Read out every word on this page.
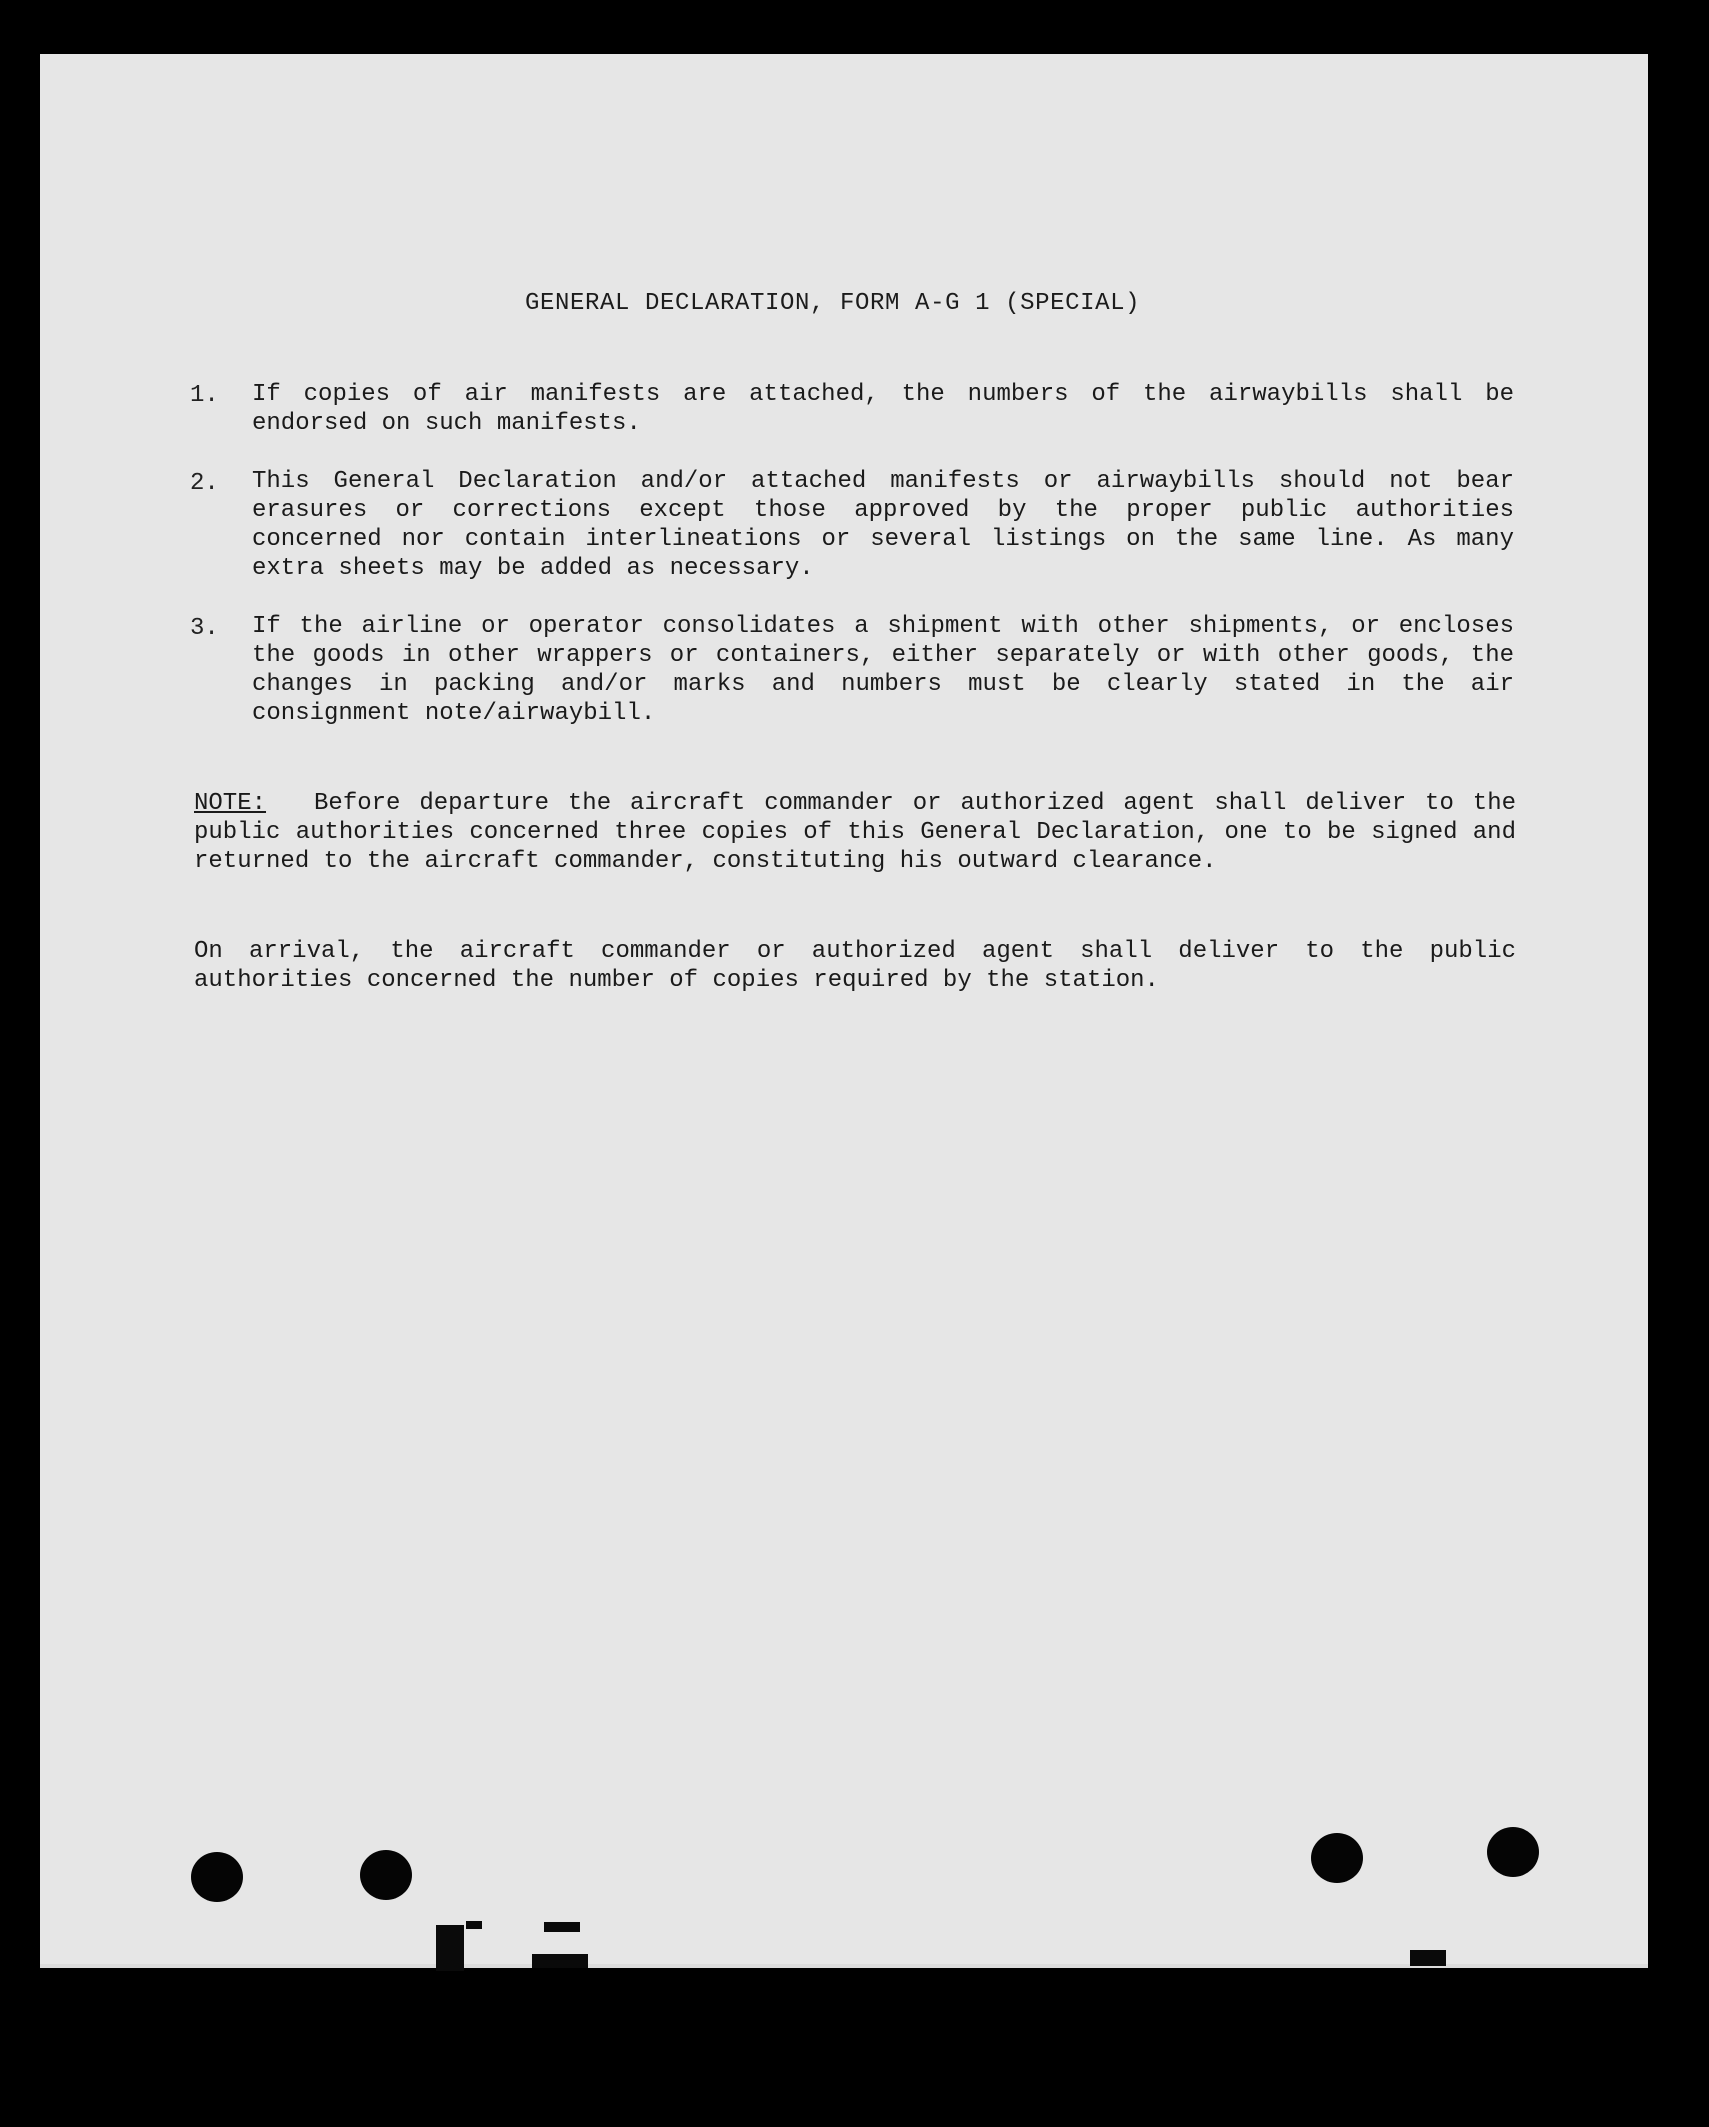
GENERAL DECLARATION, FORM A-G 1 (SPECIAL)
1. If copies of air manifests are attached, the numbers of the airwaybills shall be endorsed on such manifests.

2. This General Declaration and/or attached manifests or airwaybills should not bear erasures or corrections except those approved by the proper public authorities concerned nor contain interlineations or several listings on the same line. As many extra sheets may be added as necessary.

3. If the airline or operator consolidates a shipment with other shipments, or encloses the goods in other wrappers or containers, either separately or with other goods, the changes in packing and/or marks and numbers must be clearly stated in the air consignment note/airwaybill.

NOTE: Before departure the aircraft commander or authorized agent shall deliver to the public authorities concerned three copies of this General Declaration, one to be signed and returned to the aircraft commander, constituting his outward clearance.

On arrival, the aircraft commander or authorized agent shall deliver to the public authorities concerned the number of copies required by the station.
